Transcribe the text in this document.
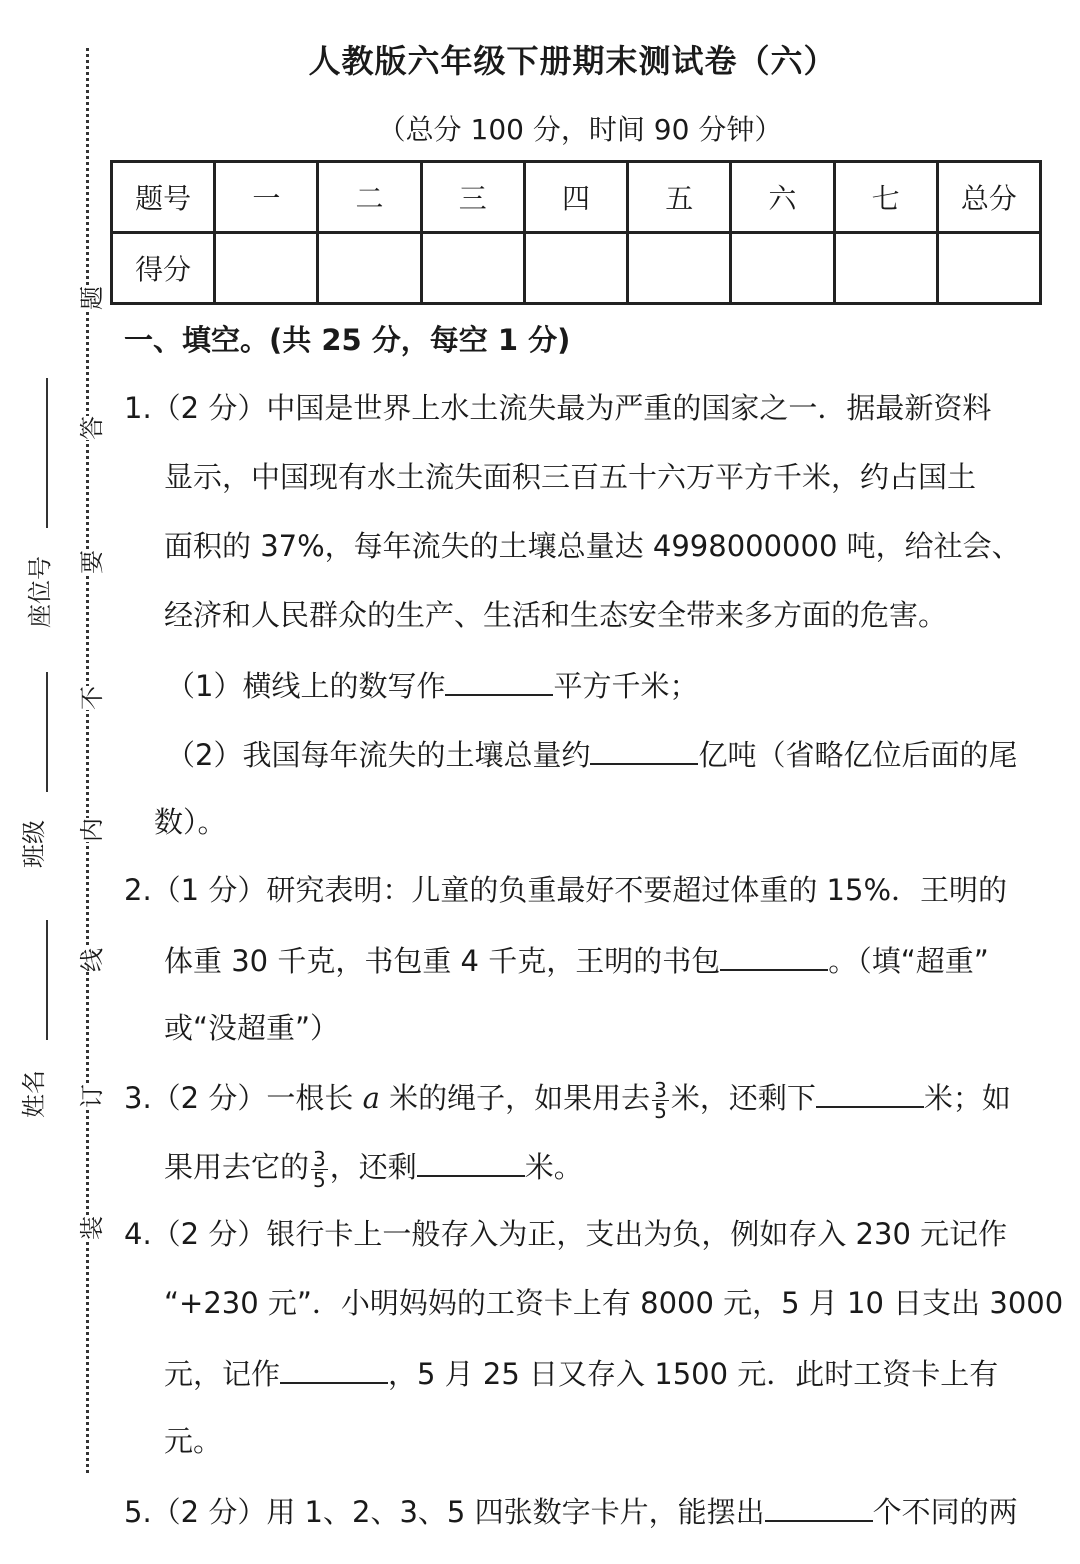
题
答
要
不
内
线
订
装
座位号
班级
姓名
人教版六年级下册期末测试卷（六）
（总分 100 分，时间 90 分钟）
题号	一	二	三	四	五	六	七	总分
得分								
一、填空。(共 25 分，每空 1 分)
1.（2 分）中国是世界上水土流失最为严重的国家之一．据最新资料
显示，中国现有水土流失面积三百五十六万平方千米，约占国土
面积的 37%，每年流失的土壤总量达 4998000000 吨，给社会、
经济和人民群众的生产、生活和生态安全带来多方面的危害。
（1）横线上的数写作	平方千米；
（2）我国每年流失的土壤总量约	亿吨（省略亿位后面的尾
数）。
2.（1 分）研究表明：儿童的负重最好不要超过体重的 15%．王明的
体重 30 千克，书包重 4 千克，王明的书包	。（填“超重”
或“没超重”）
3.（2 分）一根长 a 米的绳子，如果用去 $\frac{3}{5}$ 米，还剩下	米；如
果用去它的 $\frac{3}{5}$ ，还剩	米。
4.（2 分）银行卡上一般存入为正，支出为负，例如存入 230 元记作
“+230 元”．小明妈妈的工资卡上有 8000 元，5 月 10 日支出 3000
元，记作	，5 月 25 日又存入 1500 元．此时工资卡上有
元。
5.（2 分）用 1、2、3、5 四张数字卡片，能摆出	个不同的两
